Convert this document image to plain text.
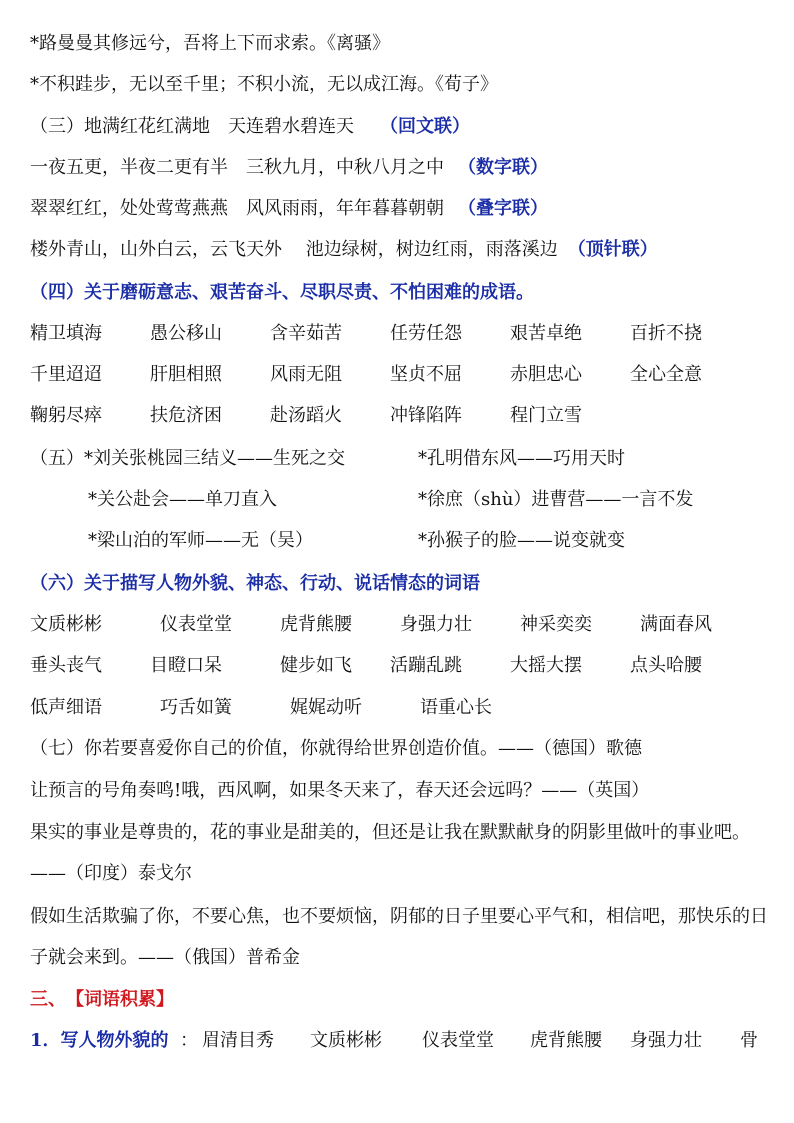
*路曼曼其修远兮，吾将上下而求索。《离骚》
*不积跬步，无以至千里；不积小流，无以成江海。《荀子》
（三）地满红花红满地　天连碧水碧连天 （回文联）
一夜五更，半夜二更有半　三秋九月，中秋八月之中 （数字联）
翠翠红红，处处莺莺燕燕　风风雨雨，年年暮暮朝朝 （叠字联）
楼外青山，山外白云，云飞天外　 池边绿树，树边红雨，雨落溪边 （顶针联）
（四）关于磨砺意志、艰苦奋斗、尽职尽责、不怕困难的成语。
精卫填海	愚公移山	含辛茹苦	任劳任怨	艰苦卓绝	百折不挠
千里迢迢	肝胆相照	风雨无阻	坚贞不屈	赤胆忠心	全心全意
鞠躬尽瘁	扶危济困	赴汤蹈火	冲锋陷阵	程门立雪
（五）*刘关张桃园三结义——生死之交	*孔明借东风——巧用天时
*关公赴会——单刀直入	*徐庶（shù）进曹营——一言不发
*梁山泊的军师——无（吴）	*孙猴子的脸——说变就变
（六）关于描写人物外貌、神态、行动、说话情态的词语
文质彬彬	仪表堂堂	虎背熊腰	身强力壮	神采奕奕	满面春风
垂头丧气	目瞪口呆	健步如飞 活蹦乱跳	大摇大摆	点头哈腰
低声细语	巧舌如簧	娓娓动听	语重心长
（七）你若要喜爱你自己的价值，你就得给世界创造价值。——（德国）歌德
让预言的号角奏鸣!哦，西风啊，如果冬天来了，春天还会远吗？——（英国）
果实的事业是尊贵的，花的事业是甜美的，但还是让我在默默献身的阴影里做叶的事业吧。——（印度）泰戈尔
假如生活欺骗了你，不要心焦，也不要烦恼，阴郁的日子里要心平气和，相信吧，那快乐的日子就会来到。——（俄国）普希金
三、【词语积累】
1．写人物外貌的 ： 眉清目秀 文质彬彬 仪表堂堂 虎背熊腰 身强力壮 骨
